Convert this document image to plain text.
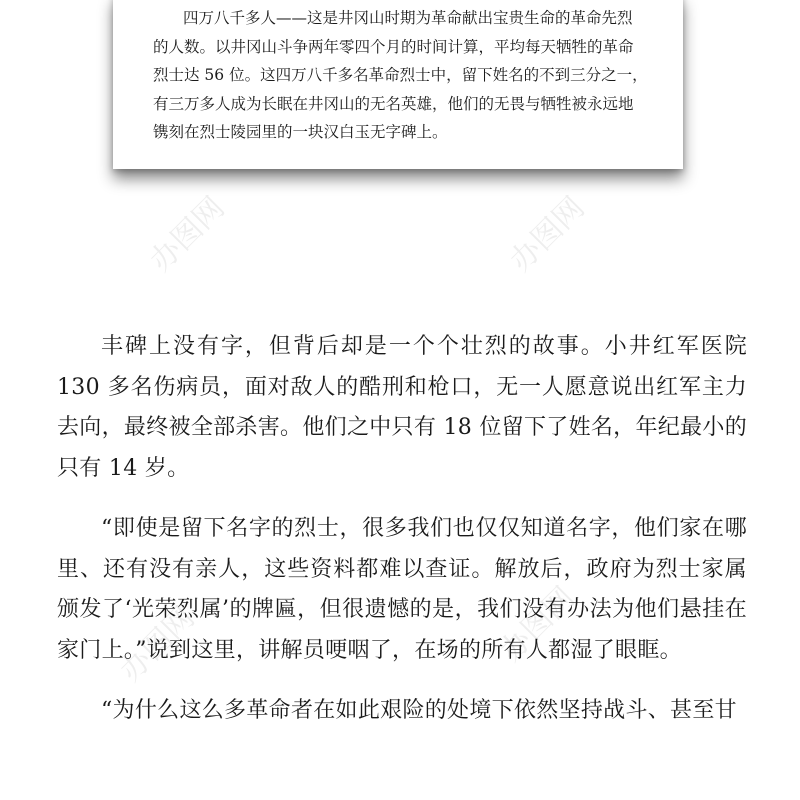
四万八千多人——这是井冈山时期为革命献出宝贵生命的革命先烈

的人数。以井冈山斗争两年零四个月的时间计算，平均每天牺牲的革命

烈士达 56 位。这四万八千多名革命烈士中，留下姓名的不到三分之一，

有三万多人成为长眠在井冈山的无名英雄，他们的无畏与牺牲被永远地

镌刻在烈士陵园里的一块汉白玉无字碑上。

办图网	办图网
办图网	办图网

丰碑上没有字，但背后却是一个个壮烈的故事。小井红军医院 130 多名伤病员，面对敌人的酷刑和枪口，无一人愿意说出红军主力去向，最终被全部杀害。他们之中只有 18 位留下了姓名，年纪最小的只有 14 岁。

“即使是留下名字的烈士，很多我们也仅仅知道名字，他们家在哪里、还有没有亲人，这些资料都难以查证。解放后，政府为烈士家属颁发了‘光荣烈属’的牌匾，但很遗憾的是，我们没有办法为他们悬挂在家门上。”说到这里，讲解员哽咽了，在场的所有人都湿了眼眶。

“为什么这么多革命者在如此艰险的处境下依然坚持战斗、甚至甘
